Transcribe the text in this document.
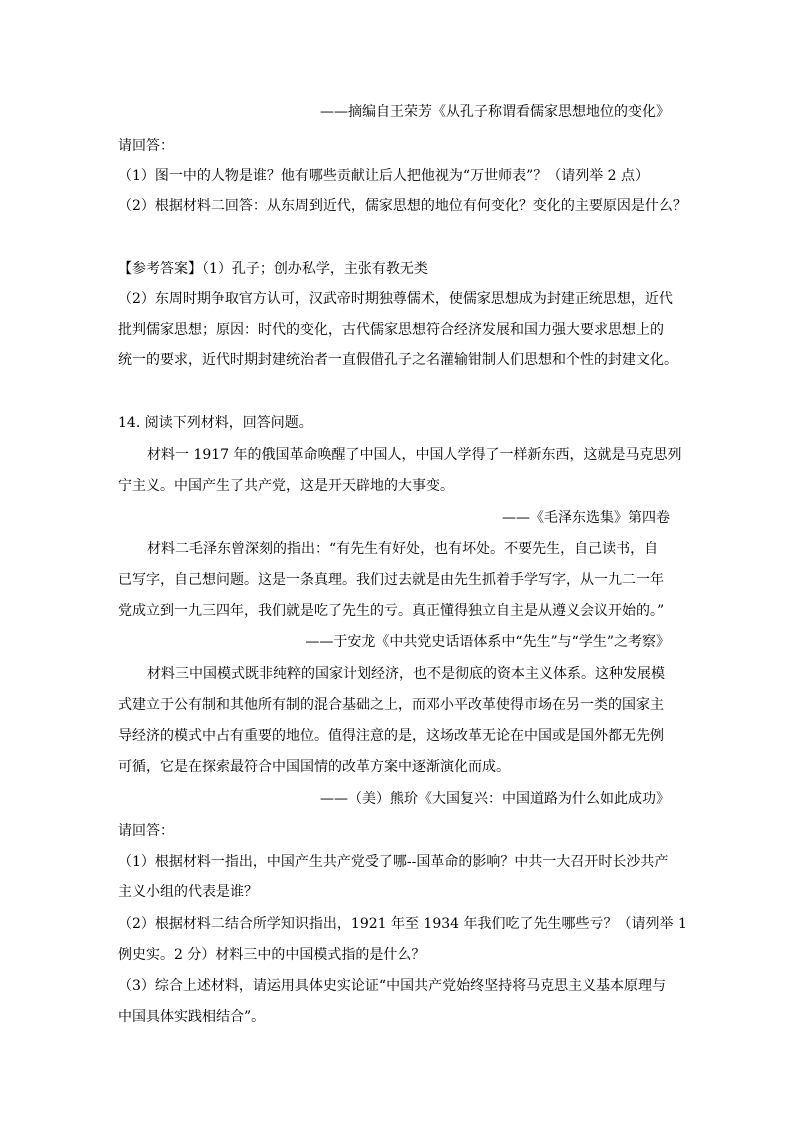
——摘编自王荣芳《从孔子称谓看儒家思想地位的变化》
请回答：
（1）图一中的人物是谁？他有哪些贡献让后人把他视为“万世师表”？（请列举 2 点）
（2）根据材料二回答：从东周到近代，儒家思想的地位有何变化？变化的主要原因是什么？
【参考答案】（1）孔子；创办私学，主张有教无类
（2）东周时期争取官方认可，汉武帝时期独尊儒术，使儒家思想成为封建正统思想，近代
批判儒家思想；原因：时代的变化，古代儒家思想符合经济发展和国力强大要求思想上的
统一的要求，近代时期封建统治者一直假借孔子之名灌输钳制人们思想和个性的封建文化。
14. 阅读下列材料，回答问题。
材料一 1917 年的俄国革命唤醒了中国人，中国人学得了一样新东西，这就是马克思列
宁主义。中国产生了共产党，这是开天辟地的大事变。
——《毛泽东选集》第四卷
材料二毛泽东曾深刻的指出：“有先生有好处，也有坏处。不要先生，自己读书，自
已写字，自己想问题。这是一条真理。我们过去就是由先生抓着手学写字，从一九二一年
党成立到一九三四年，我们就是吃了先生的亏。真正懂得独立自主是从遵义会议开始的。”
——于安龙《中共党史话语体系中“先生”与“学生”之考察》
材料三中国模式既非纯粹的国家计划经济，也不是彻底的资本主义体系。这种发展模
式建立于公有制和其他所有制的混合基础之上，而邓小平改革使得市场在另一类的国家主
导经济的模式中占有重要的地位。值得注意的是，这场改革无论在中国或是国外都无先例
可循，它是在探索最符合中国国情的改革方案中逐渐演化而成。
——（美）熊玠《大国复兴：中国道路为什么如此成功》
请回答：
（1）根据材料一指出，中国产生共产党受了哪--国革命的影响？中共一大召开时长沙共产
主义小组的代表是谁？
（2）根据材料二结合所学知识指出，1921 年至 1934 年我们吃了先生哪些亏？（请列举 1
例史实。2 分）材料三中的中国模式指的是什么？
（3）综合上述材料，请运用具体史实论证“中国共产党始终坚持将马克思主义基本原理与
中国具体实践相结合”。
